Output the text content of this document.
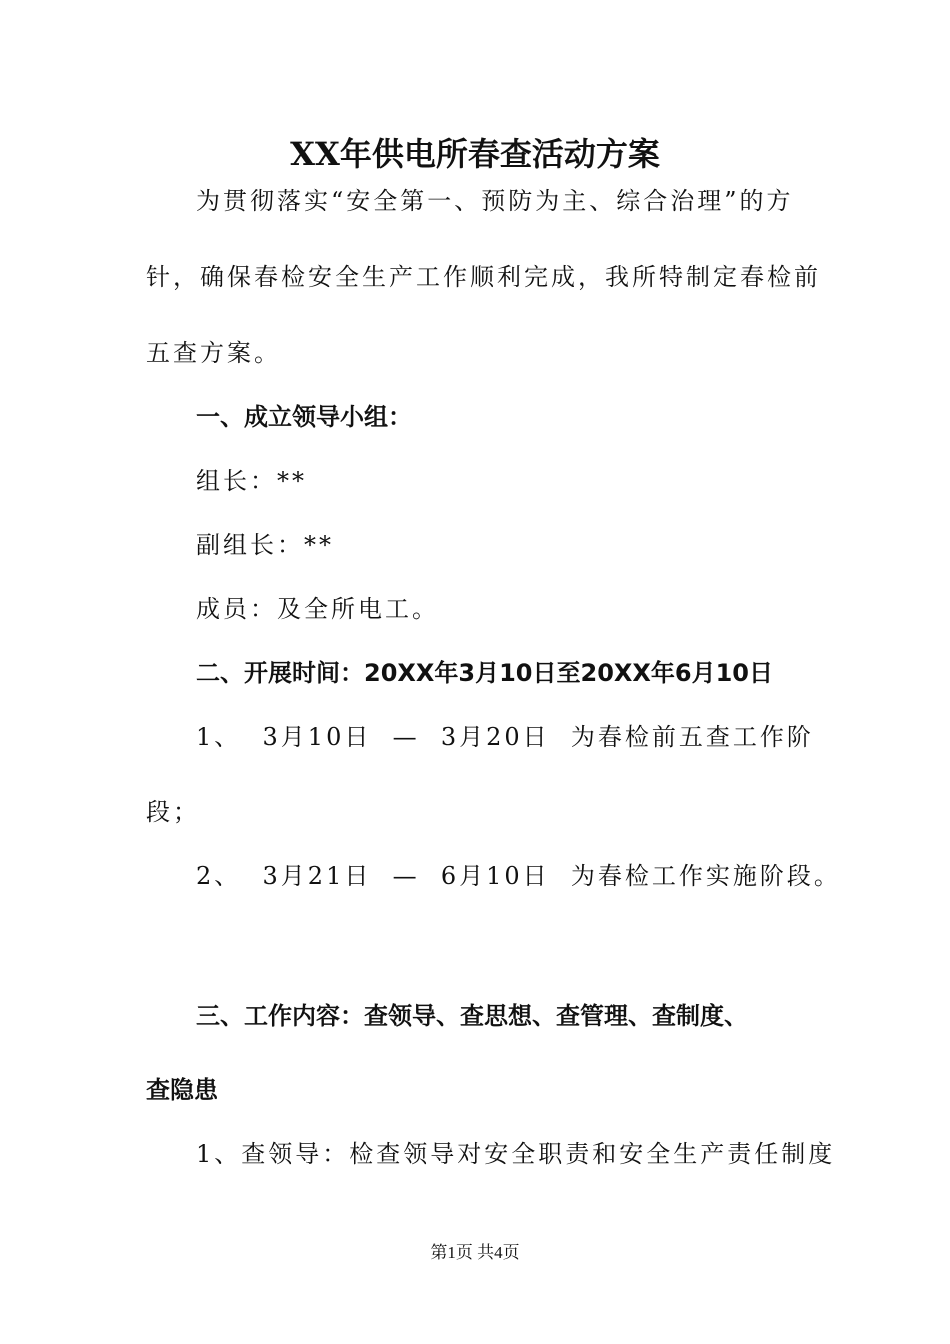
XX年供电所春查活动方案
为贯彻落实“安全第一、预防为主、综合治理”的方
针，确保春检安全生产工作顺利完成，我所特制定春检前
五查方案。
一、成立领导小组：
组长：**
副组长：**
成员：及全所电工。
二、开展时间：20XX年3月10日至20XX年6月10日
1、  3月10日  —  3月20日  为春检前五查工作阶
段；
2、  3月21日  —  6月10日  为春检工作实施阶段。
三、工作内容：查领导、查思想、查管理、查制度、
查隐患
1、查领导：检查领导对安全职责和安全生产责任制度
第1页 共4页
